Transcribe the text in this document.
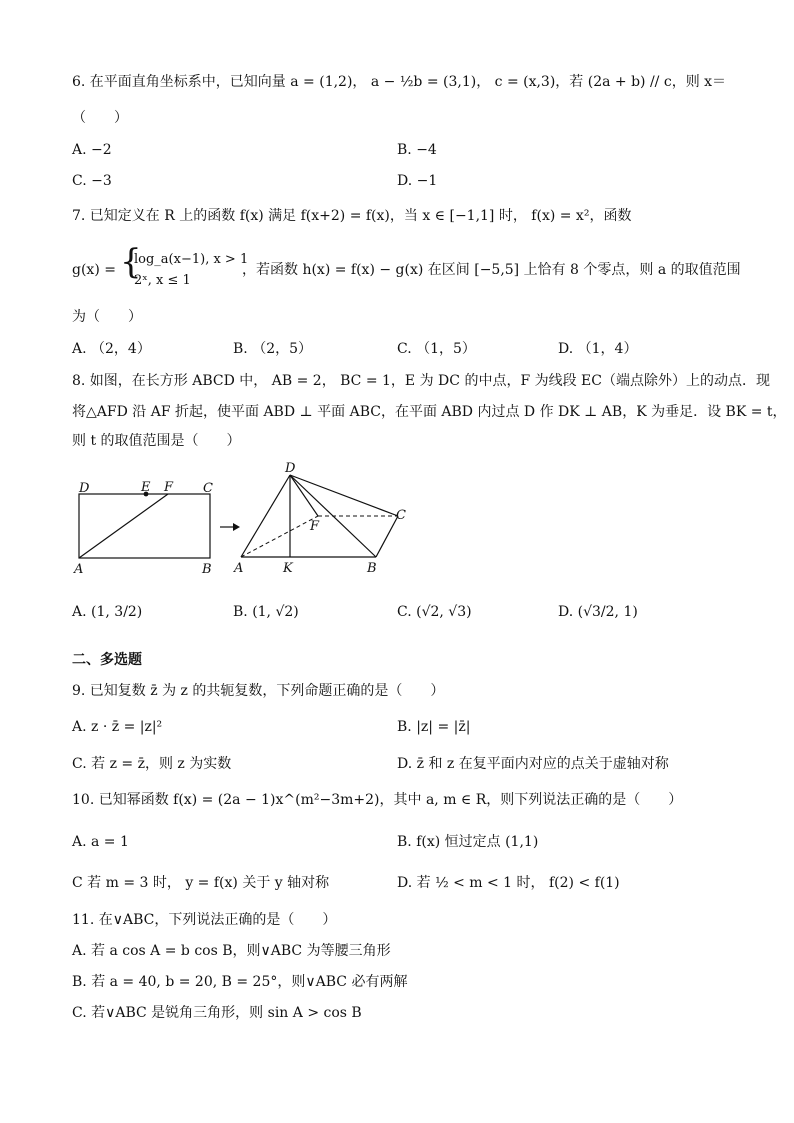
6. 在平面直角坐标系中，已知向量 a = (1,2)， a − ½b = (3,1)， c = (x,3)，若 (2a + b) // c，则 x＝
（　　）
A. −2	B. −4
C. −3	D. −1
7. 已知定义在 R 上的函数 f(x) 满足 f(x+2) = f(x)，当 x ∈ [−1,1] 时， f(x) = x²，函数
g(x) = {
log_a(x−1), x > 1
2ˣ, x ≤ 1
，若函数 h(x) = f(x) − g(x) 在区间 [−5,5] 上恰有 8 个零点，则 a 的取值范围
为（　　）
A. （2，4）	B. （2，5）	C. （1，5）	D. （1，4）
8. 如图，在长方形 ABCD 中， AB = 2， BC = 1，E 为 DC 的中点，F 为线段 EC（端点除外）上的动点．现
将△AFD 沿 AF 折起，使平面 ABD ⊥ 平面 ABC，在平面 ABD 内过点 D 作 DK ⊥ AB，K 为垂足．设 BK = t，
则 t 的取值范围是（　　）
D	E F C
A	B
D
F
C
A	K	B
A. (1, 3/2)	B. (1, √2)	C. (√2, √3)	D. (√3/2, 1)
二、多选题
9. 已知复数 z̄ 为 z 的共轭复数，下列命题正确的是（　　）
A. z · z̄ = |z|²	B. |z| = |z̄|
C. 若 z = z̄，则 z 为实数	D. z̄ 和 z 在复平面内对应的点关于虚轴对称
10. 已知幂函数 f(x) = (2a − 1)x^(m²−3m+2)，其中 a, m ∈ R，则下列说法正确的是（　　）
A. a = 1	B. f(x) 恒过定点 (1,1)
C 若 m = 3 时， y = f(x) 关于 y 轴对称	D. 若 ½ < m < 1 时， f(2) < f(1)
11. 在∨ABC，下列说法正确的是（　　）
A. 若 a cos A = b cos B，则∨ABC 为等腰三角形
B. 若 a = 40, b = 20, B = 25°，则∨ABC 必有两解
C. 若∨ABC 是锐角三角形，则 sin A > cos B
